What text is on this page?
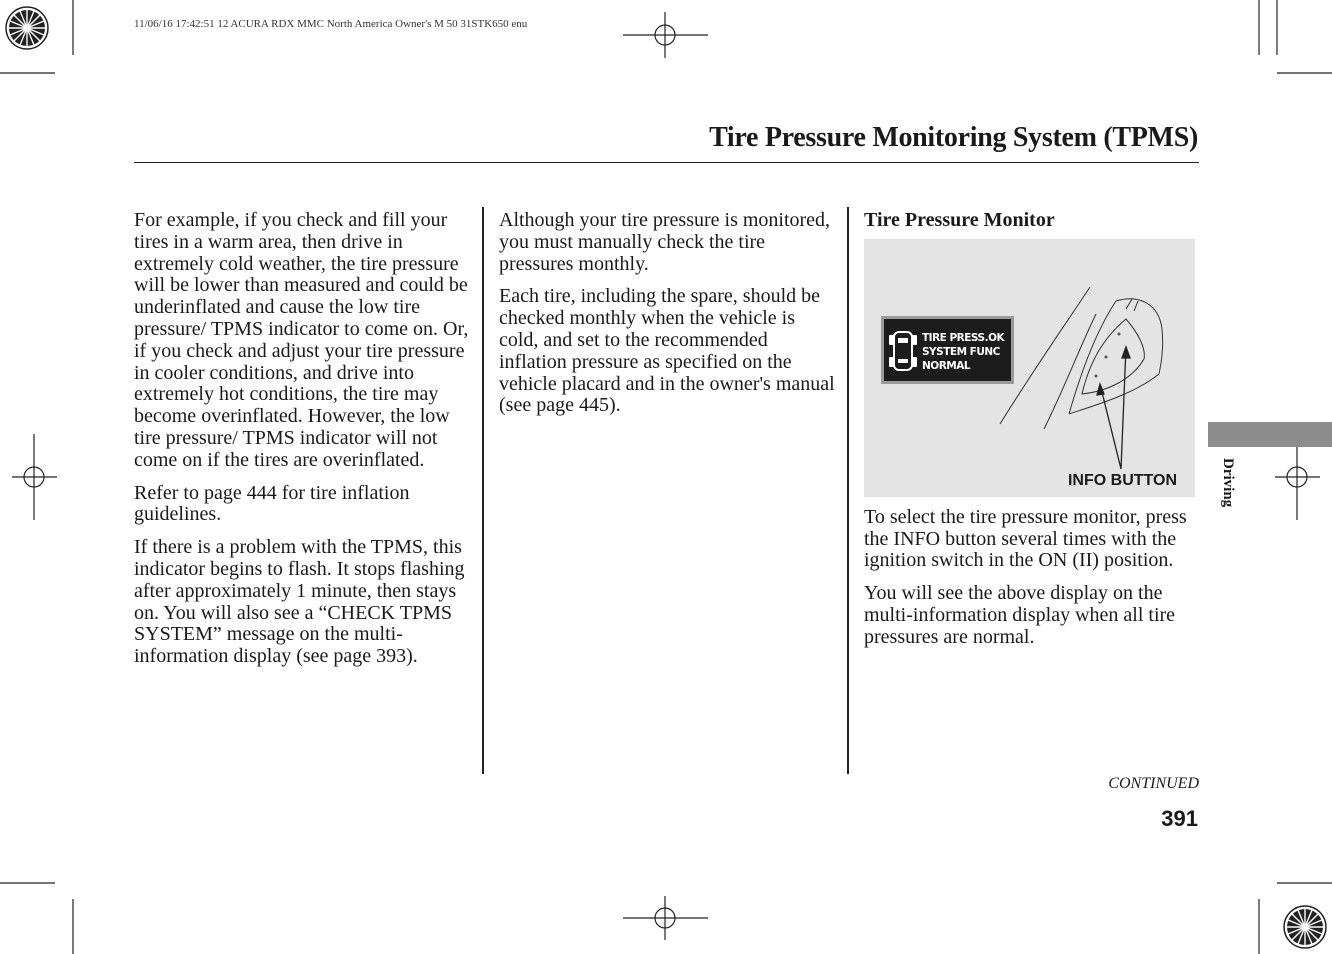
11/06/16 17:42:51 12 ACURA RDX MMC North America Owner's M 50 31STK650 enu
Tire Pressure Monitoring System (TPMS)

For example, if you check and fill your tires in a warm area, then drive in extremely cold weather, the tire pressure will be lower than measured and could be underinflated and cause the low tire pressure/ TPMS indicator to come on. Or, if you check and adjust your tire pressure in cooler conditions, and drive into extremely hot conditions, the tire may become overinflated. However, the low tire pressure/ TPMS indicator will not come on if the tires are overinflated.

Refer to page 444 for tire inflation guidelines.

If there is a problem with the TPMS, this indicator begins to flash. It stops flashing after approximately 1 minute, then stays on. You will also see a “CHECK TPMS SYSTEM” message on the multi-information display (see page 393).

Although your tire pressure is monitored, you must manually check the tire pressures monthly.

Each tire, including the spare, should be checked monthly when the vehicle is cold, and set to the recommended inflation pressure as specified on the vehicle placard and in the owner's manual (see page 445).

Tire Pressure Monitor
TIRE PRESS.OK
SYSTEM FUNC
NORMAL
INFO BUTTON

To select the tire pressure monitor, press the INFO button several times with the ignition switch in the ON (II) position.

You will see the above display on the multi-information display when all tire pressures are normal.

CONTINUED
391
Driving
